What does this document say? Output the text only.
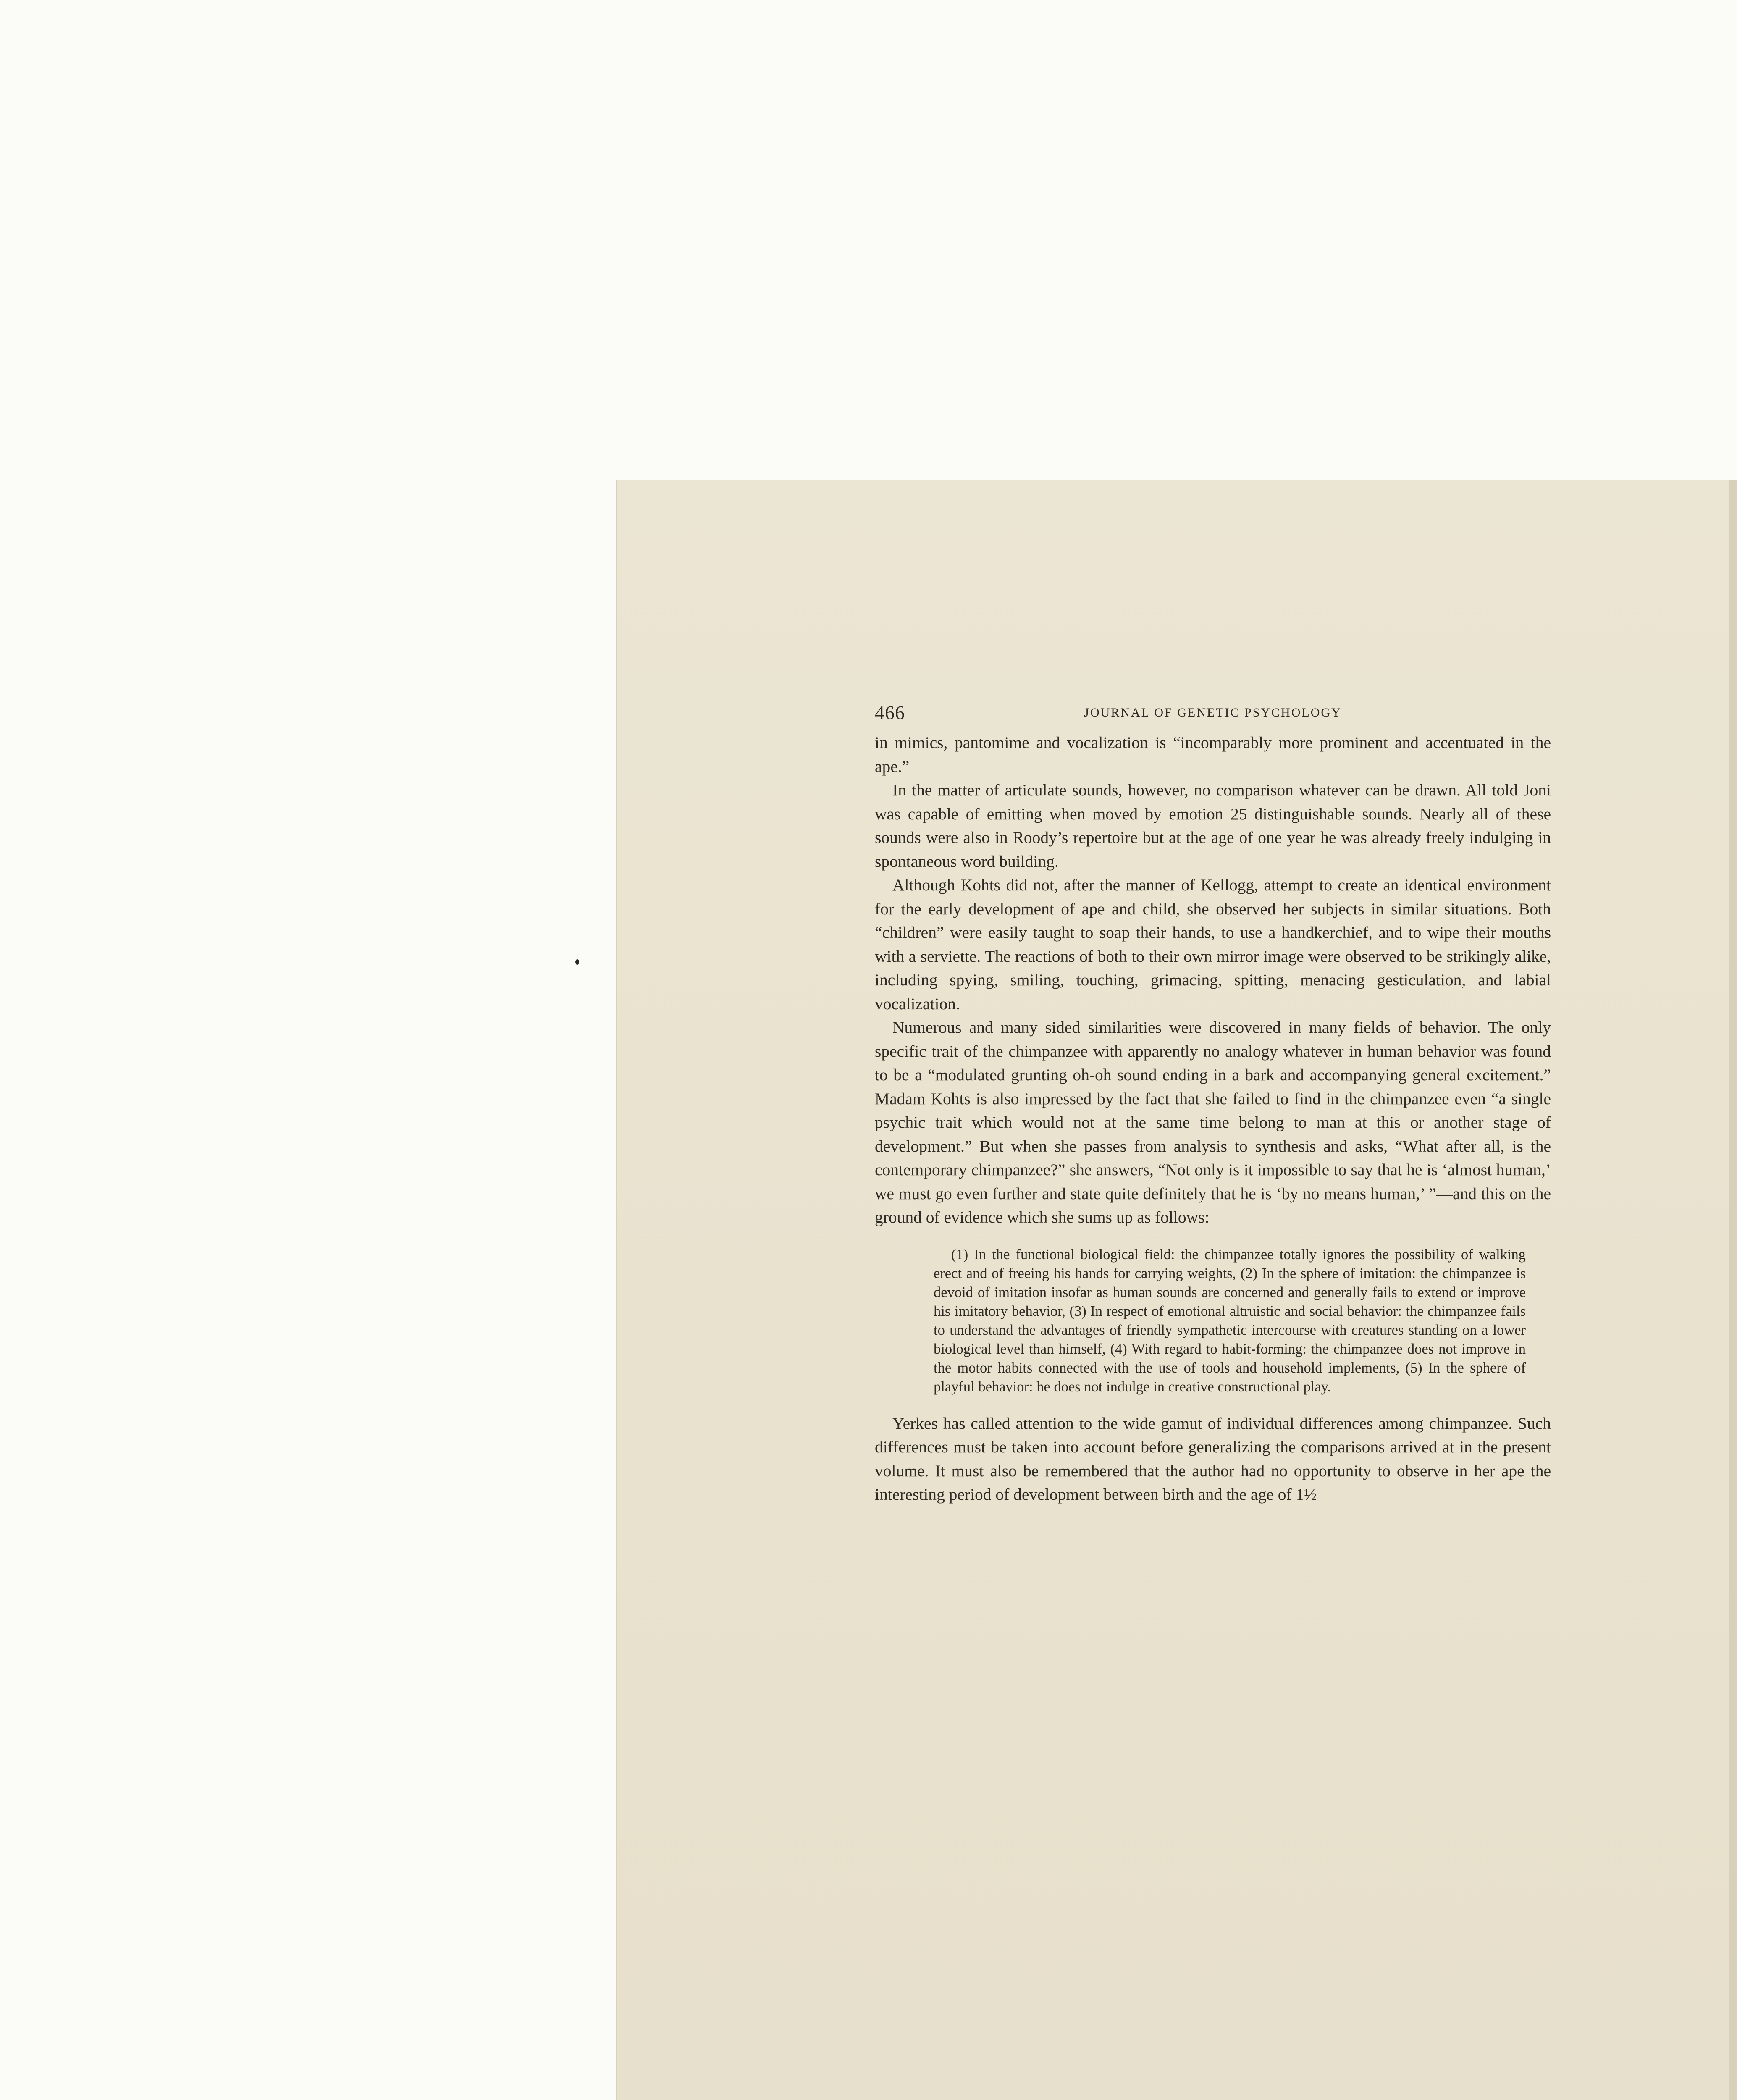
466	JOURNAL OF GENETIC PSYCHOLOGY

in mimics, pantomime and vocalization is “incomparably more prominent and accentuated in the ape.”

In the matter of articulate sounds, however, no comparison whatever can be drawn. All told Joni was capable of emitting when moved by emotion 25 distinguishable sounds. Nearly all of these sounds were also in Roody’s repertoire but at the age of one year he was already freely indulging in spontaneous word building.

Although Kohts did not, after the manner of Kellogg, attempt to create an identical environment for the early development of ape and child, she observed her subjects in similar situations. Both “children” were easily taught to soap their hands, to use a handkerchief, and to wipe their mouths with a serviette. The reactions of both to their own mirror image were observed to be strikingly alike, including spying, smiling, touching, grimacing, spitting, menacing gesticulation, and labial vocalization.

Numerous and many sided similarities were discovered in many fields of behavior. The only specific trait of the chimpanzee with apparently no analogy whatever in human behavior was found to be a “modulated grunting oh-oh sound ending in a bark and accompanying general excitement.” Madam Kohts is also impressed by the fact that she failed to find in the chimpanzee even “a single psychic trait which would not at the same time belong to man at this or another stage of development.” But when she passes from analysis to synthesis and asks, “What after all, is the contemporary chimpanzee?” she answers, “Not only is it impossible to say that he is ‘almost human,’ we must go even further and state quite definitely that he is ‘by no means human,’ ”—and this on the ground of evidence which she sums up as follows:

(1) In the functional biological field: the chimpanzee totally ignores the possibility of walking erect and of freeing his hands for carrying weights, (2) In the sphere of imitation: the chimpanzee is devoid of imitation insofar as human sounds are concerned and generally fails to extend or improve his imitatory behavior, (3) In respect of emotional altruistic and social behavior: the chimpanzee fails to understand the advantages of friendly sympathetic intercourse with creatures standing on a lower biological level than himself, (4) With regard to habit-forming: the chimpanzee does not improve in the motor habits connected with the use of tools and household implements, (5) In the sphere of playful behavior: he does not indulge in creative constructional play.

Yerkes has called attention to the wide gamut of individual differences among chimpanzee. Such differences must be taken into account before generalizing the comparisons arrived at in the present volume. It must also be remembered that the author had no opportunity to observe in her ape the interesting period of development between birth and the age of 1½
